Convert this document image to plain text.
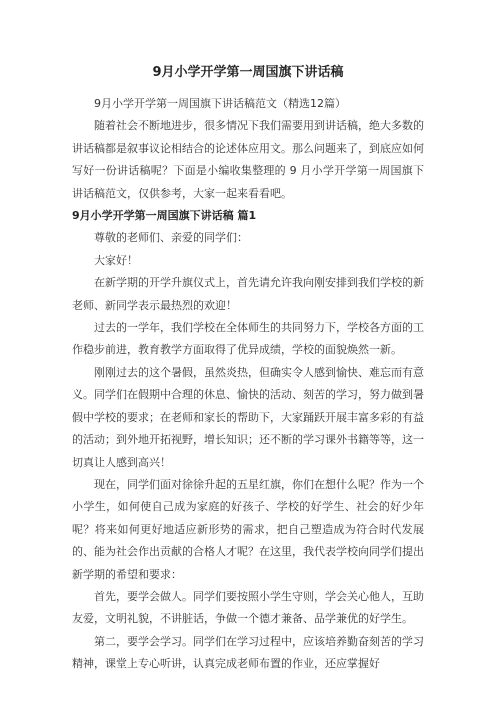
9月小学开学第一周国旗下讲话稿

9月小学开学第一周国旗下讲话稿范文（精选12篇）

随着社会不断地进步，很多情况下我们需要用到讲话稿，绝大多数的讲话稿都是叙事议论相结合的论述体应用文。那么问题来了，到底应如何写好一份讲话稿呢？下面是小编收集整理的 9 月小学开学第一周国旗下讲话稿范文，仅供参考，大家一起来看看吧。

9月小学开学第一周国旗下讲话稿 篇1

尊敬的老师们、亲爱的同学们：

大家好！

在新学期的开学升旗仪式上，首先请允许我向刚安排到我们学校的新老师、新同学表示最热烈的欢迎！

过去的一学年，我们学校在全体师生的共同努力下，学校各方面的工作稳步前进，教育教学方面取得了优异成绩，学校的面貌焕然一新。

刚刚过去的这个暑假，虽然炎热，但确实令人感到愉快、难忘而有意义。同学们在假期中合理的休息、愉快的活动、刻苦的学习，努力做到暑假中学校的要求；在老师和家长的帮助下，大家踊跃开展丰富多彩的有益的活动；到外地开拓视野，增长知识；还不断的学习课外书籍等等，这一切真让人感到高兴！

现在，同学们面对徐徐升起的五星红旗，你们在想什么呢？作为一个小学生，如何使自己成为家庭的好孩子、学校的好学生、社会的好少年呢？将来如何更好地适应新形势的需求，把自己塑造成为符合时代发展的、能为社会作出贡献的合格人才呢？在这里，我代表学校向同学们提出新学期的希望和要求：

首先，要学会做人。同学们要按照小学生守则，学会关心他人，互助友爱，文明礼貌，不讲脏话，争做一个德才兼备、品学兼优的好学生。

第二，要学会学习。同学们在学习过程中，应该培养勤奋刻苦的学习精神，课堂上专心听讲，认真完成老师布置的作业，还应掌握好
